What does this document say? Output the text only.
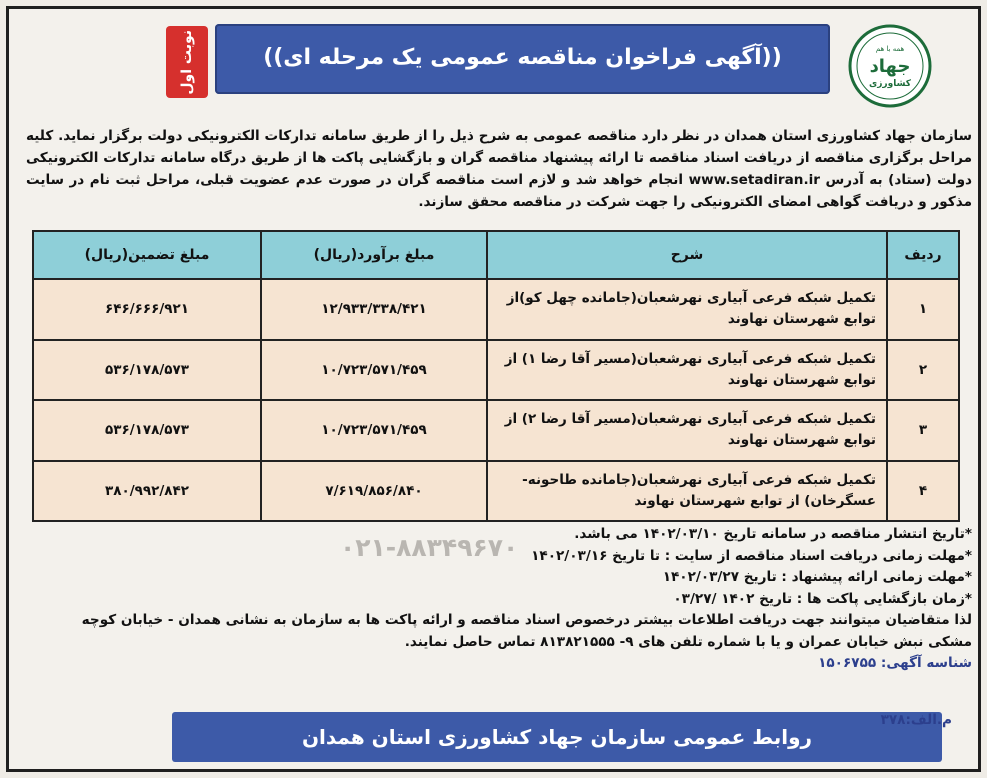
((آگهی فراخوان مناقصه عمومی یک مرحله ای))
نوبت اول	همه با هم
جهاد
کشاورزی
سازمان جهاد کشاورزی استان همدان در نظر دارد مناقصه عمومی به شرح ذیل را از طریق سامانه تدارکات الکترونیکی دولت برگزار نماید. کلیه مراحل برگزاری مناقصه از دریافت اسناد مناقصه تا ارائه پیشنهاد مناقصه گران و بازگشایی پاکت ها از طریق درگاه سامانه تدارکات الکترونیکی دولت (ستاد) به آدرس www.setadiran.ir انجام خواهد شد و لازم است مناقصه گران در صورت عدم عضویت قبلی، مراحل ثبت نام در سایت مذکور و دریافت گواهی امضای الکترونیکی را جهت شرکت در مناقصه محقق سازند.
ردیف	شرح	مبلغ برآورد(ریال)	مبلغ تضمین(ریال)
۱	تکمیل شبکه فرعی آبیاری نهرشعبان(جامانده چهل کو)از توابع شهرستان نهاوند	۱۲/۹۳۳/۳۳۸/۴۲۱	۶۴۶/۶۶۶/۹۲۱
۲	تکمیل شبکه فرعی آبیاری نهرشعبان(مسیر آقا رضا ۱) از توابع شهرستان نهاوند	۱۰/۷۲۳/۵۷۱/۴۵۹	۵۳۶/۱۷۸/۵۷۳
۳	تکمیل شبکه فرعی آبیاری نهرشعبان(مسیر آقا رضا ۲) از توابع شهرستان نهاوند	۱۰/۷۲۳/۵۷۱/۴۵۹	۵۳۶/۱۷۸/۵۷۳
۴	تکمیل شبکه فرعی آبیاری نهرشعبان(جامانده طاحونه-عسگرخان) از توابع شهرستان نهاوند	۷/۶۱۹/۸۵۶/۸۴۰	۳۸۰/۹۹۲/۸۴۲
۰۲۱-۸۸۳۴۹۶۷۰	*تاریخ انتشار مناقصه در سامانه تاریخ ۱۴۰۲/۰۳/۱۰ می باشد.
*مهلت زمانی دریافت اسناد مناقصه از سایت : تا تاریخ ۱۴۰۲/۰۳/۱۶
*مهلت زمانی ارائه پیشنهاد : تاریخ ۱۴۰۲/۰۳/۲۷
*زمان بازگشایی پاکت ها : تاریخ ۱۴۰۲ /۰۳/۲۷
لذا متقاضیان میتوانند جهت دریافت اطلاعات بیشتر درخصوص اسناد مناقصه و ارائه پاکت ها به سازمان به نشانی همدان - خیابان کوچه مشکی نبش خیابان عمران و یا با شماره تلفن های ۹- ۸۱۳۸۲۱۵۵۵ تماس حاصل نمایند.
شناسه آگهی: ۱۵۰۶۷۵۵
روابط عمومی سازمان جهاد کشاورزی استان همدان
م.الف:۳۷۸
